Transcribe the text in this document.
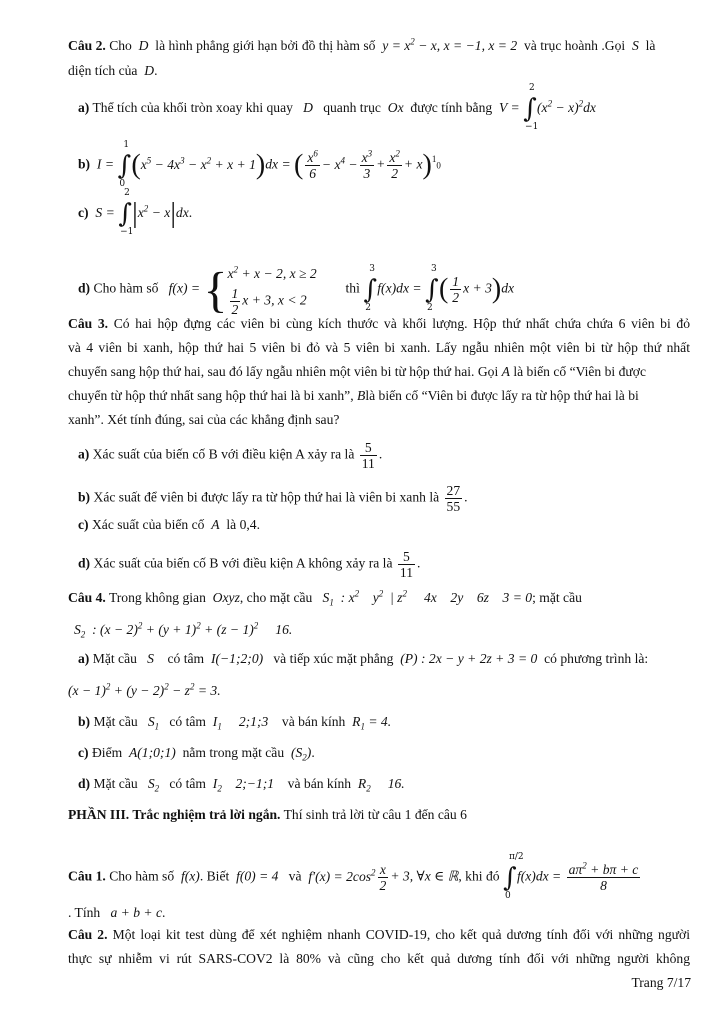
Câu 2. Cho  D  là hình phẳng giới hạn bởi đồ thị hàm số  $y = x^2 - x$, x = −1, x = 2  và trục hoành .Gọi  S  là
diện tích của  D.
a) Thể tích của khối tròn xoay khi quay   D   quanh trục  Ox  được tính bằng  V = ∫
2
−1
$(x^2 - x)^2dx$
b)  I = ∫
1
0
$(x^5 - 4x^3 - x^2 + x + 1)dx$ = ( $\frac{x^6}{6} - x^4 - \frac{x^3}{3} + \frac{x^2}{2} + x)^10$
c)  S = ∫
2
−1
$|x^2 - x|dx$.
d) Cho hàm số   f(x) = { $x^2 + x - 2$, x ≥ 2
$\frac{1}{2}$ x + 3, x < 2
thì ∫
3
2
f(x)dx = ∫
3
2
( $\frac{1}{2}$ x + 3)dx
Câu 3. Có hai hộp đựng các viên bi cùng kích thước và khối lượng. Hộp thứ nhất chứa chứa 6 viên bi đỏ
và 4 viên bi xanh, hộp thứ hai 5 viên bi đỏ và 5 viên bi xanh. Lấy ngẫu nhiên một viên bi từ hộp thứ nhất
chuyển sang hộp thứ hai, sau đó lấy ngẫu nhiên một viên bi từ hộp thứ hai. Gọi A là biến cố “Viên bi được
chuyển từ hộp thứ nhất sang hộp thứ hai là bi xanh”, Blà biến cố “Viên bi được lấy ra từ hộp thứ hai là bi
xanh”. Xét tính đúng, sai của các khẳng định sau?
a) Xác suất của biến cố B với điều kiện A xảy ra là $\frac{5}{11}$ .
b) Xác suất để viên bi được lấy ra từ hộp thứ hai là viên bi xanh là $\frac{27}{55}$ .
c) Xác suất của biến cố  A  là 0,4.
d) Xác suất của biến cố B với điều kiện A không xảy ra là $\frac{5}{11}$ .
Câu 4. Trong không gian  Oxyz, cho mặt cầu   $S_1$  : $x^2$    $y^2$  | $z^2$     4x    2y    6z    3 = 0; mặt cầu
$S_2$  : $(x - 2)^2 + (y + 1)^2 + (z - 1)^2$     16.
a) Mặt cầu   S    có tâm  I(−1;2;0)   và tiếp xúc mặt phẳng  (P) : 2x − y + 2z + 3 = 0  có phương trình là:
$(x - 1)^2 + (y - 2)^2 - z^2 = 3$.
b) Mặt cầu   $S_1$ có tâm  $I_1$     2;1;3    và bán kính  $R_1 = 4$.
c) Điểm  A(1;0;1)  nằm trong mặt cầu  $(S_2)$.
d) Mặt cầu   $S_2$ có tâm  $I_2$    2;−1;1    và bán kính  $R_2$     16.
PHẦN III. Trắc nghiệm trả lời ngắn. Thí sinh trả lời từ câu 1 đến câu 6
Câu 1. Cho hàm số  f(x). Biết  f(0) = 4   và  $f'(x) = 2\cos^2 \frac{x}{2} + 3$, ∀x ∈ ℝ, khi đó ∫
π/2
0
$f(x)dx = \frac{a\pi^2 + b\pi + c}{8}$
. Tính   a + b + c.
Câu 2. Một loại kit test dùng để xét nghiệm nhanh COVID-19, cho kết quả dương tính đối với những người
thực sự nhiễm vi rút SARS-COV2 là 80% và cũng cho kết quả dương tính đối với những người không
Trang 7/17
